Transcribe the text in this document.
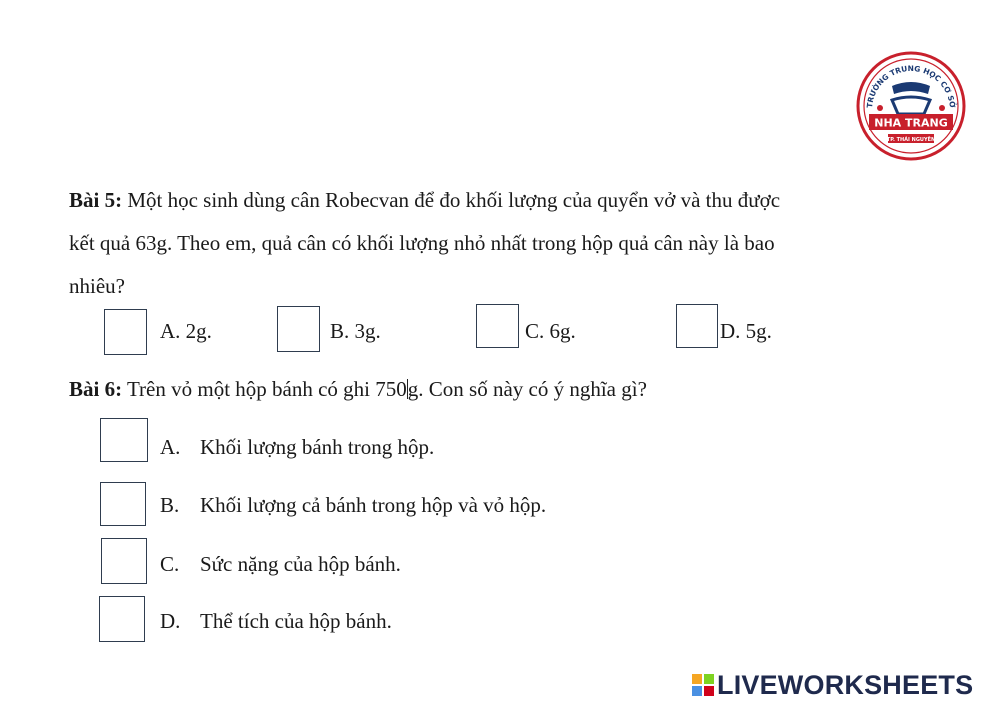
TRƯỜNG TRUNG HỌC CƠ SỞ
NHA TRANG
TP. THÁI NGUYÊN
Bài 5: Một học sinh dùng cân Robecvan để đo khối lượng của quyển vở và thu được
kết quả 63g. Theo em, quả cân có khối lượng nhỏ nhất trong hộp quả cân này là bao
nhiêu?
A. 2g.	B. 3g.	C. 6g.	D. 5g.
Bài 6: Trên vỏ một hộp bánh có ghi 750g. Con số này có ý nghĩa gì?
A. Khối lượng bánh trong hộp.
B. Khối lượng cả bánh trong hộp và vỏ hộp.
C. Sức nặng của hộp bánh.
D. Thể tích của hộp bánh.
LIVEWORKSHEETS
